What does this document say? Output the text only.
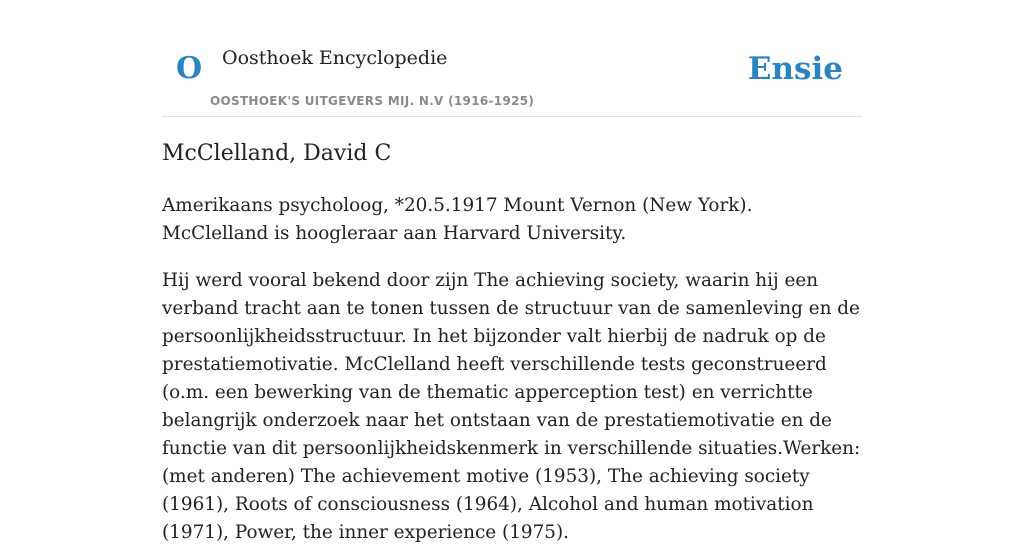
O Oosthoek Encyclopedie
OOSTHOEK'S UITGEVERS MIJ. N.V (1916-1925)
Ensie
McClelland, David C

Amerikaans psycholoog, *20.5.1917 Mount Vernon (New York). McClelland is hoogleraar aan Harvard University.

Hij werd vooral bekend door zijn The achieving society, waarin hij een verband tracht aan te tonen tussen de structuur van de samenleving en de persoonlijkheidsstructuur. In het bijzonder valt hierbij de nadruk op de prestatiemotivatie. McClelland heeft verschillende tests geconstrueerd (o.m. een bewerking van de thematic apperception test) en verrichtte belangrijk onderzoek naar het ontstaan van de prestatiemotivatie en de functie van dit persoonlijkheidskenmerk in verschillende situaties.Werken: (met anderen) The achievement motive (1953), The achieving society (1961), Roots of consciousness (1964), Alcohol and human motivation (1971), Power, the inner experience (1975).
